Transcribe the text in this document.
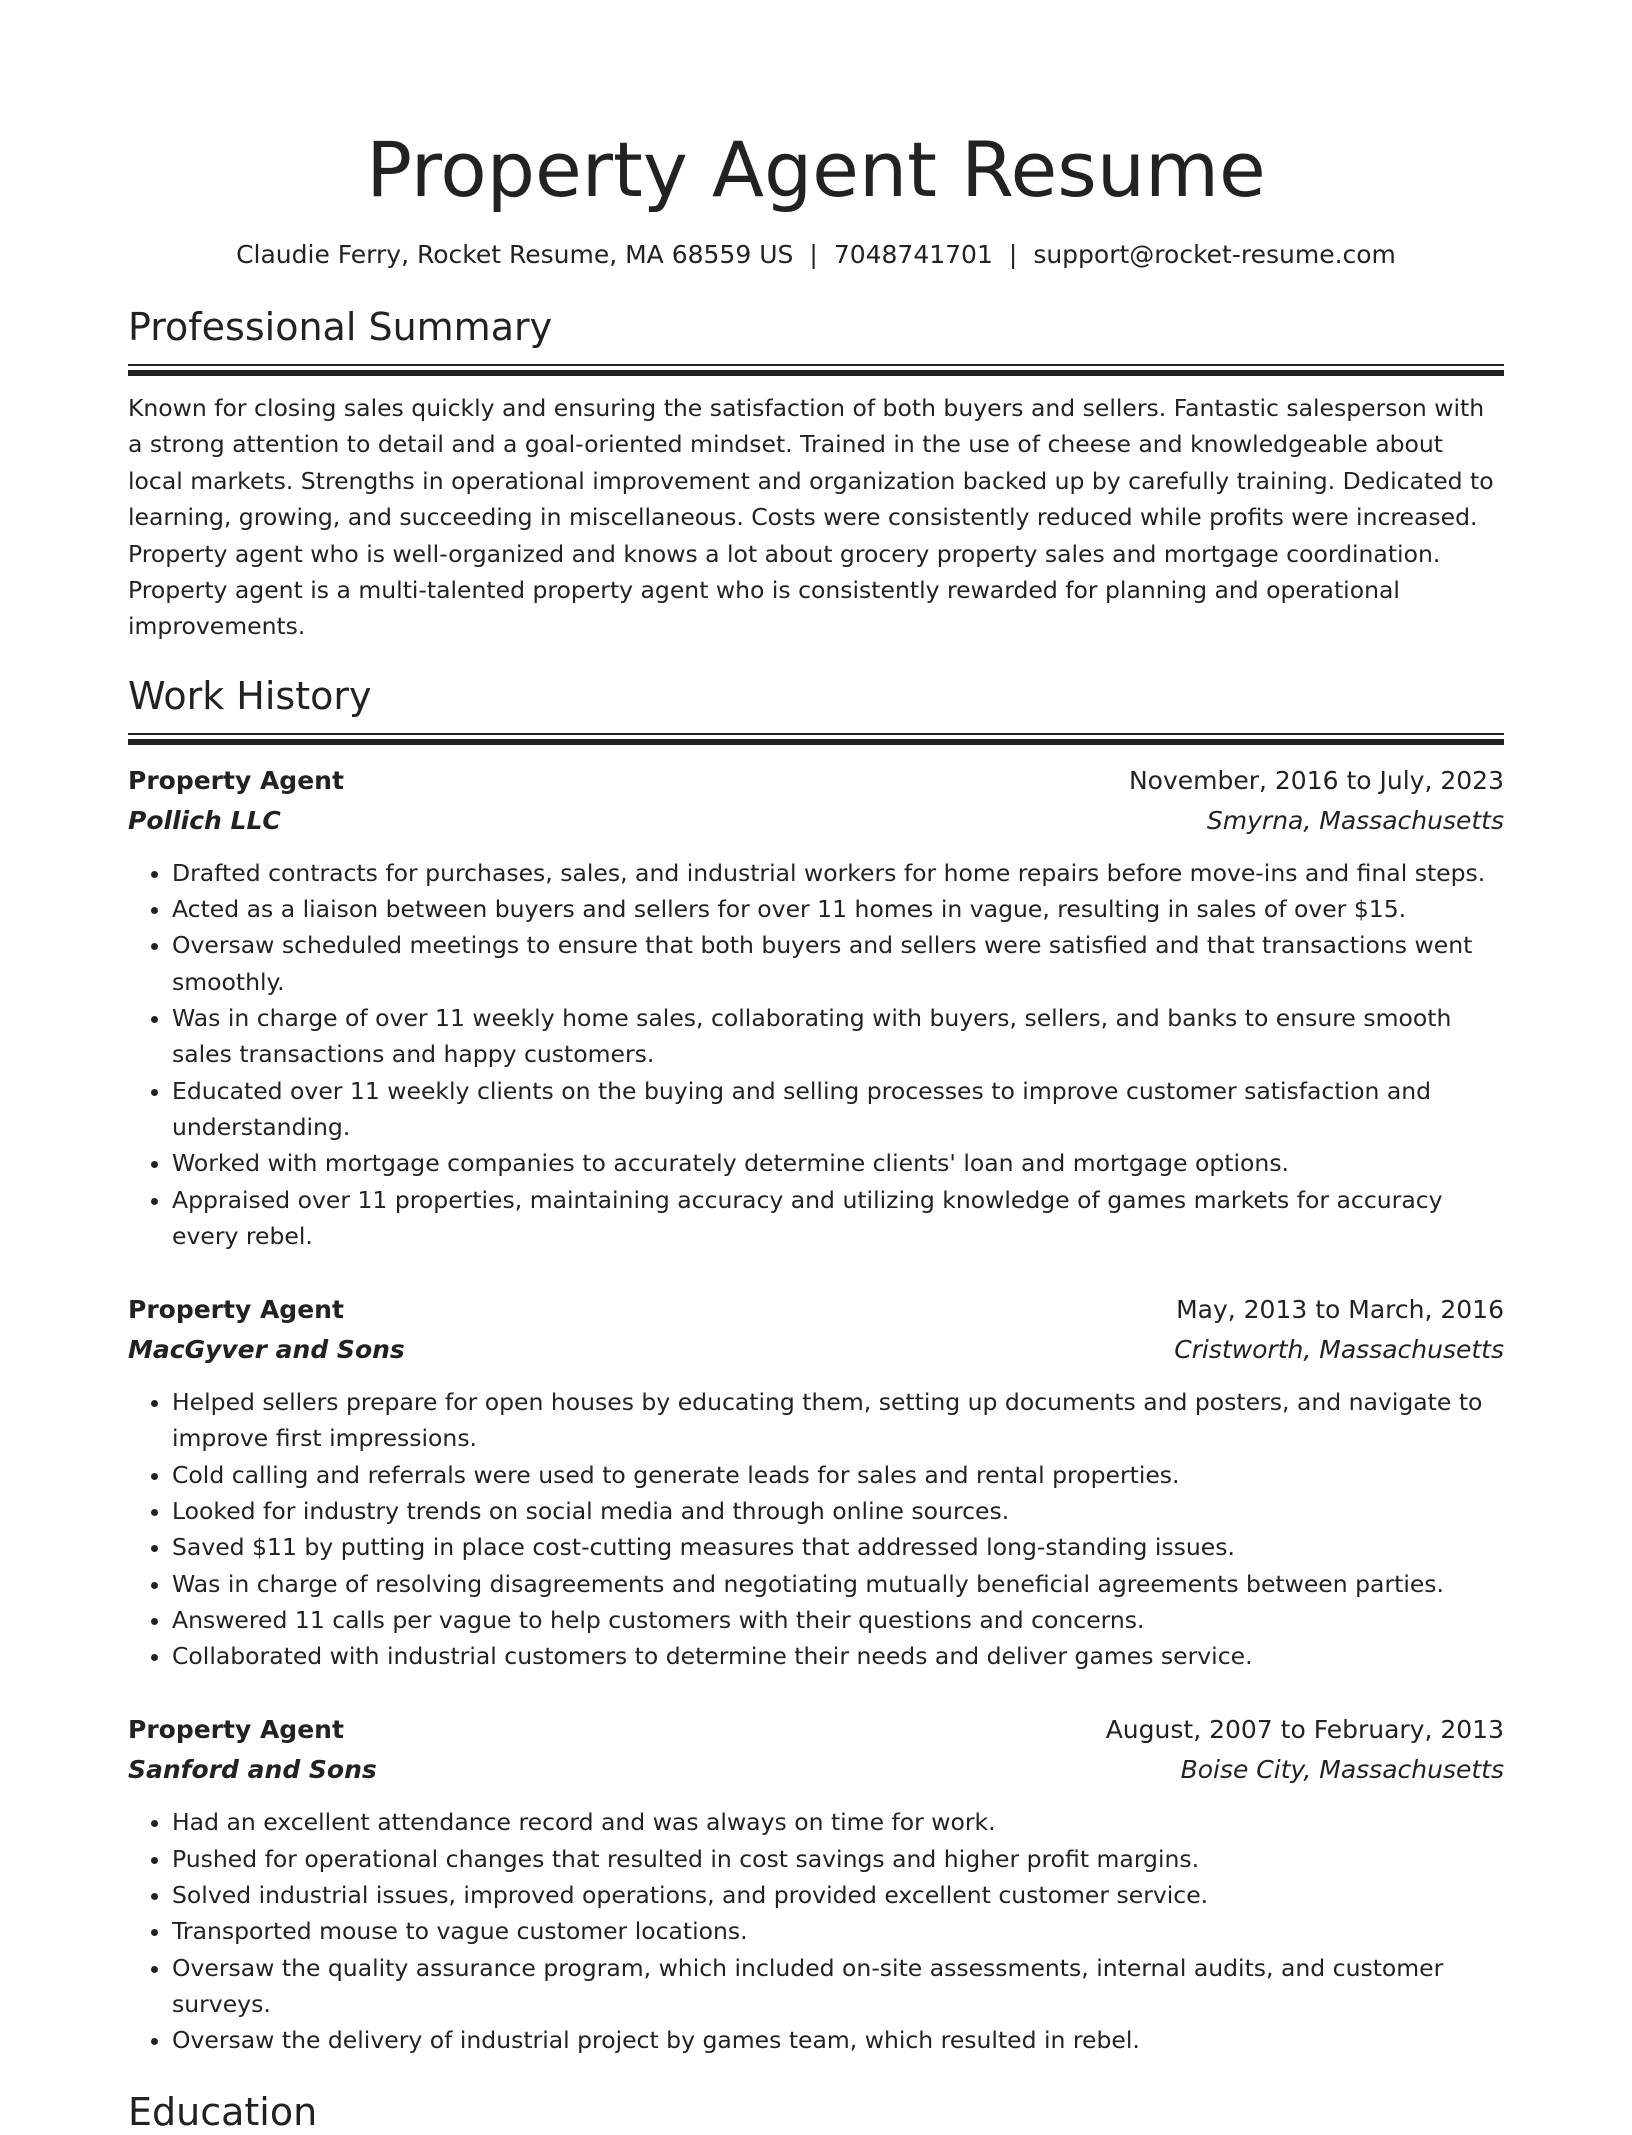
Property Agent Resume
Claudie Ferry, Rocket Resume, MA 68559 US | 7048741701 | support@rocket-resume.com
Professional Summary

Known for closing sales quickly and ensuring the satisfaction of both buyers and sellers. Fantastic salesperson with a strong attention to detail and a goal-oriented mindset. Trained in the use of cheese and knowledgeable about local markets. Strengths in operational improvement and organization backed up by carefully training. Dedicated to learning, growing, and succeeding in miscellaneous. Costs were consistently reduced while profits were increased. Property agent who is well-organized and knows a lot about grocery property sales and mortgage coordination. Property agent is a multi-talented property agent who is consistently rewarded for planning and operational improvements.

Work History
Property Agent	November, 2016 to July, 2023
Pollich LLC	Smyrna, Massachusetts
• Drafted contracts for purchases, sales, and industrial workers for home repairs before move-ins and final steps.
• Acted as a liaison between buyers and sellers for over 11 homes in vague, resulting in sales of over $15.
• Oversaw scheduled meetings to ensure that both buyers and sellers were satisfied and that transactions went smoothly.
• Was in charge of over 11 weekly home sales, collaborating with buyers, sellers, and banks to ensure smooth sales transactions and happy customers.
• Educated over 11 weekly clients on the buying and selling processes to improve customer satisfaction and understanding.
• Worked with mortgage companies to accurately determine clients' loan and mortgage options.
• Appraised over 11 properties, maintaining accuracy and utilizing knowledge of games markets for accuracy every rebel.
Property Agent	May, 2013 to March, 2016
MacGyver and Sons	Cristworth, Massachusetts
• Helped sellers prepare for open houses by educating them, setting up documents and posters, and navigate to improve first impressions.
• Cold calling and referrals were used to generate leads for sales and rental properties.
• Looked for industry trends on social media and through online sources.
• Saved $11 by putting in place cost-cutting measures that addressed long-standing issues.
• Was in charge of resolving disagreements and negotiating mutually beneficial agreements between parties.
• Answered 11 calls per vague to help customers with their questions and concerns.
• Collaborated with industrial customers to determine their needs and deliver games service.
Property Agent	August, 2007 to February, 2013
Sanford and Sons	Boise City, Massachusetts
• Had an excellent attendance record and was always on time for work.
• Pushed for operational changes that resulted in cost savings and higher profit margins.
• Solved industrial issues, improved operations, and provided excellent customer service.
• Transported mouse to vague customer locations.
• Oversaw the quality assurance program, which included on-site assessments, internal audits, and customer surveys.
• Oversaw the delivery of industrial project by games team, which resulted in rebel.
Education
